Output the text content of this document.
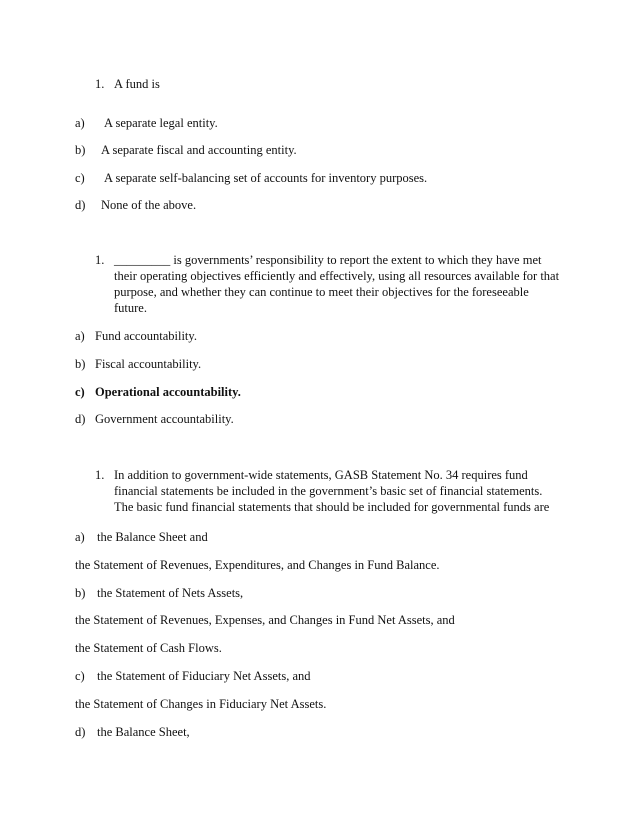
1. A fund is
a) A separate legal entity.
b) A separate fiscal and accounting entity.
c) A separate self-balancing set of accounts for inventory purposes.
d) None of the above.
1. _________ is governments’ responsibility to report the extent to which they have met
their operating objectives efficiently and effectively, using all resources available for that
purpose, and whether they can continue to meet their objectives for the foreseeable
future.
a) Fund accountability.
b) Fiscal accountability.
c) Operational accountability.
d) Government accountability.
1. In addition to government-wide statements, GASB Statement No. 34 requires fund
financial statements be included in the government’s basic set of financial statements.
The basic fund financial statements that should be included for governmental funds are
a) the Balance Sheet and
the Statement of Revenues, Expenditures, and Changes in Fund Balance.
b) the Statement of Nets Assets,
the Statement of Revenues, Expenses, and Changes in Fund Net Assets, and
the Statement of Cash Flows.
c) the Statement of Fiduciary Net Assets, and
the Statement of Changes in Fiduciary Net Assets.
d) the Balance Sheet,
